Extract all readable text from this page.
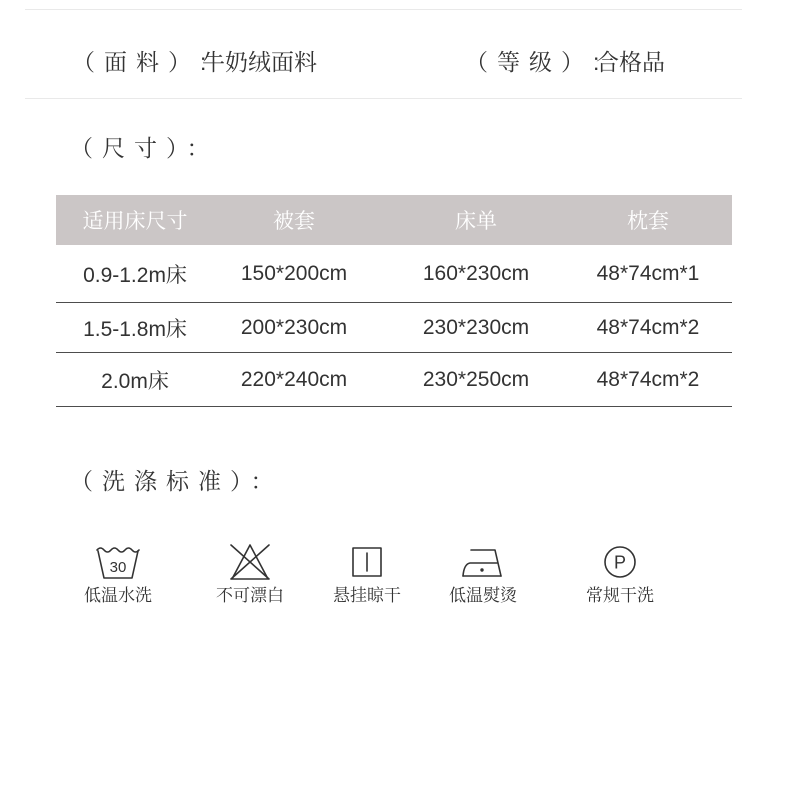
（面料）:
牛奶绒面料	（等级）:
合格品
（尺寸）：
适用床尺寸	被套	床单	枕套
0.9-1.2m床	150*200cm	160*230cm	48*74cm*1
1.5-1.8m床	200*230cm	230*230cm	48*74cm*2
2.0m床	220*240cm	230*250cm	48*74cm*2
（洗涤标准）：
30
低温水洗	不可漂白	悬挂晾干	低温熨烫
P
常规干洗
